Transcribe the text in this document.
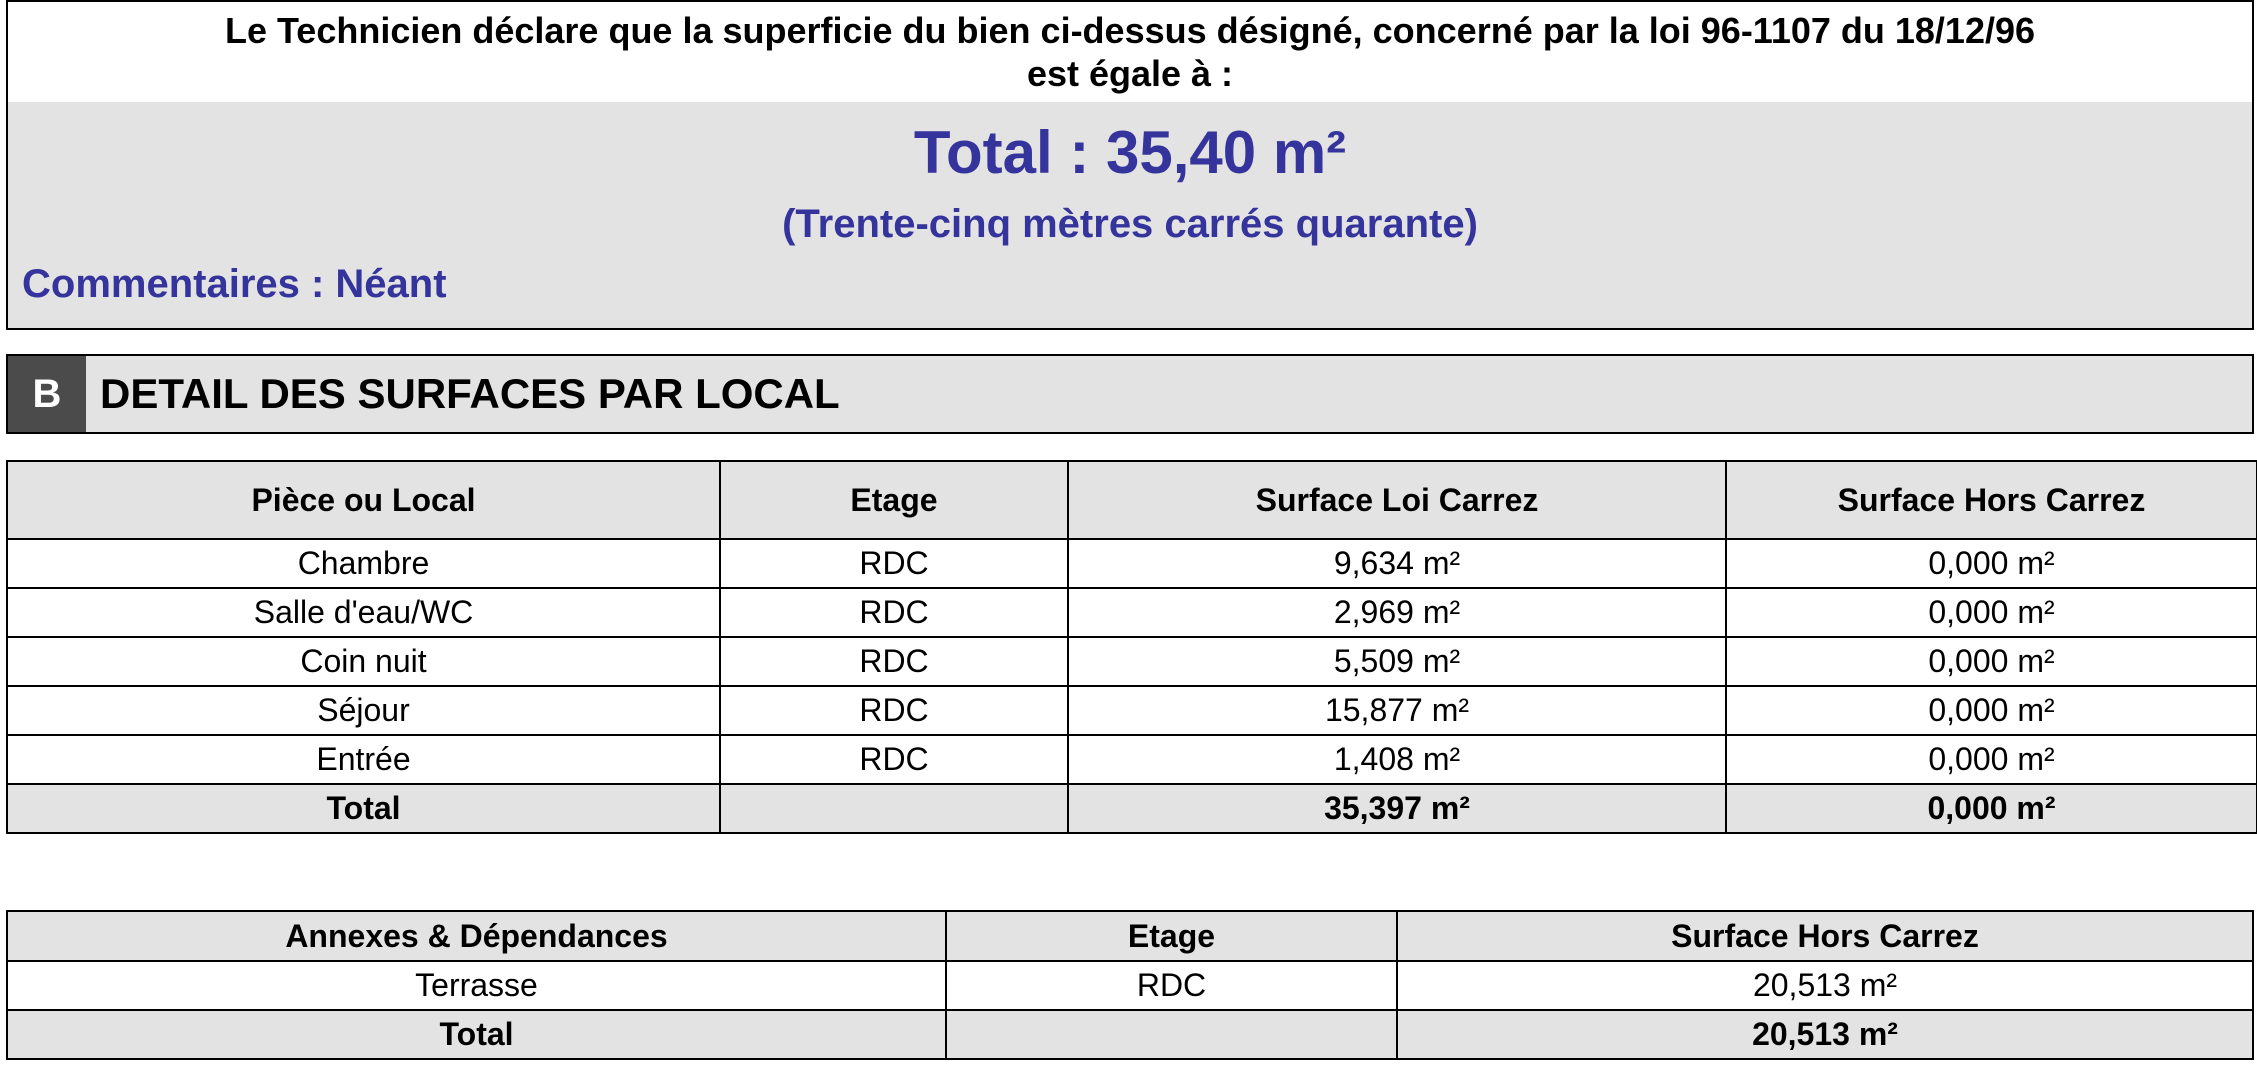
Le Technicien déclare que la superficie du bien ci-dessus désigné, concerné par la loi 96-1107 du 18/12/96
est égale à :
Total : 35,40 m²
(Trente-cinq mètres carrés quarante)
Commentaires : Néant
B DETAIL DES SURFACES PAR LOCAL
Pièce ou Local	Etage	Surface Loi Carrez	Surface Hors Carrez
Chambre	RDC	9,634 m²	0,000 m²
Salle d'eau/WC	RDC	2,969 m²	0,000 m²
Coin nuit	RDC	5,509 m²	0,000 m²
Séjour	RDC	15,877 m²	0,000 m²
Entrée	RDC	1,408 m²	0,000 m²
Total		35,397 m²	0,000 m²
Annexes & Dépendances	Etage	Surface Hors Carrez
Terrasse	RDC	20,513 m²
Total		20,513 m²
